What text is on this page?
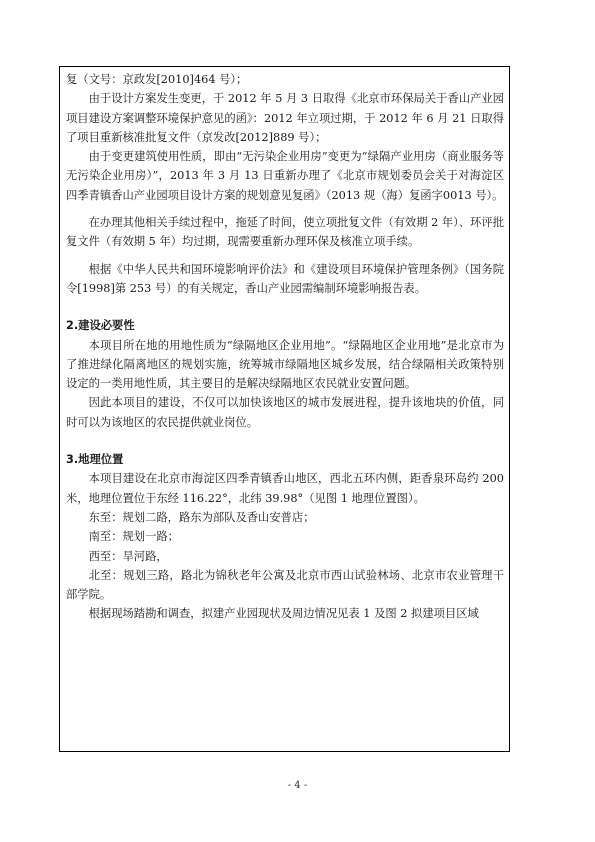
复（文号：京政发[2010]464 号）；

由于设计方案发生变更，于 2012 年 5 月 3 日取得《北京市环保局关于香山产业园项目建设方案调整环境保护意见的函》：2012 年立项过期，于 2012 年 6 月 21 日取得了项目重新核准批复文件（京发改[2012]889 号）；

由于变更建筑使用性质，即由“无污染企业用房”变更为“绿隔产业用房（商业服务等无污染企业用房）”，2013 年 3 月 13 日重新办理了《北京市规划委员会关于对海淀区四季青镇香山产业园项目设计方案的规划意见复函》（2013 规（海）复函字0013 号）。

在办理其他相关手续过程中，拖延了时间，使立项批复文件（有效期 2 年）、环评批复文件（有效期 5 年）均过期，现需要重新办理环保及核准立项手续。

根据《中华人民共和国环境影响评价法》和《建设项目环境保护管理条例》（国务院令[1998]第 253 号）的有关规定，香山产业园需编制环境影响报告表。

2.建设必要性

本项目所在地的用地性质为“绿隔地区企业用地”。“绿隔地区企业用地”是北京市为了推进绿化隔离地区的规划实施，统筹城市绿隔地区城乡发展，结合绿隔相关政策特别设定的一类用地性质，其主要目的是解决绿隔地区农民就业安置问题。

因此本项目的建设，不仅可以加快该地区的城市发展进程，提升该地块的价值，同时可以为该地区的农民提供就业岗位。

3.地理位置

本项目建设在北京市海淀区四季青镇香山地区，西北五环内侧，距香泉环岛约 200 米，地理位置位于东经 116.22°，北纬 39.98°（见图 1 地理位置图）。

东至：规划二路，路东为部队及香山安普店；

南至：规划一路；

西至：旱河路，

北至：规划三路，路北为锦秋老年公寓及北京市西山试验林场、北京市农业管理干部学院。

根据现场踏勘和调查，拟建产业园现状及周边情况见表 1 及图 2 拟建项目区域

- 4 -
